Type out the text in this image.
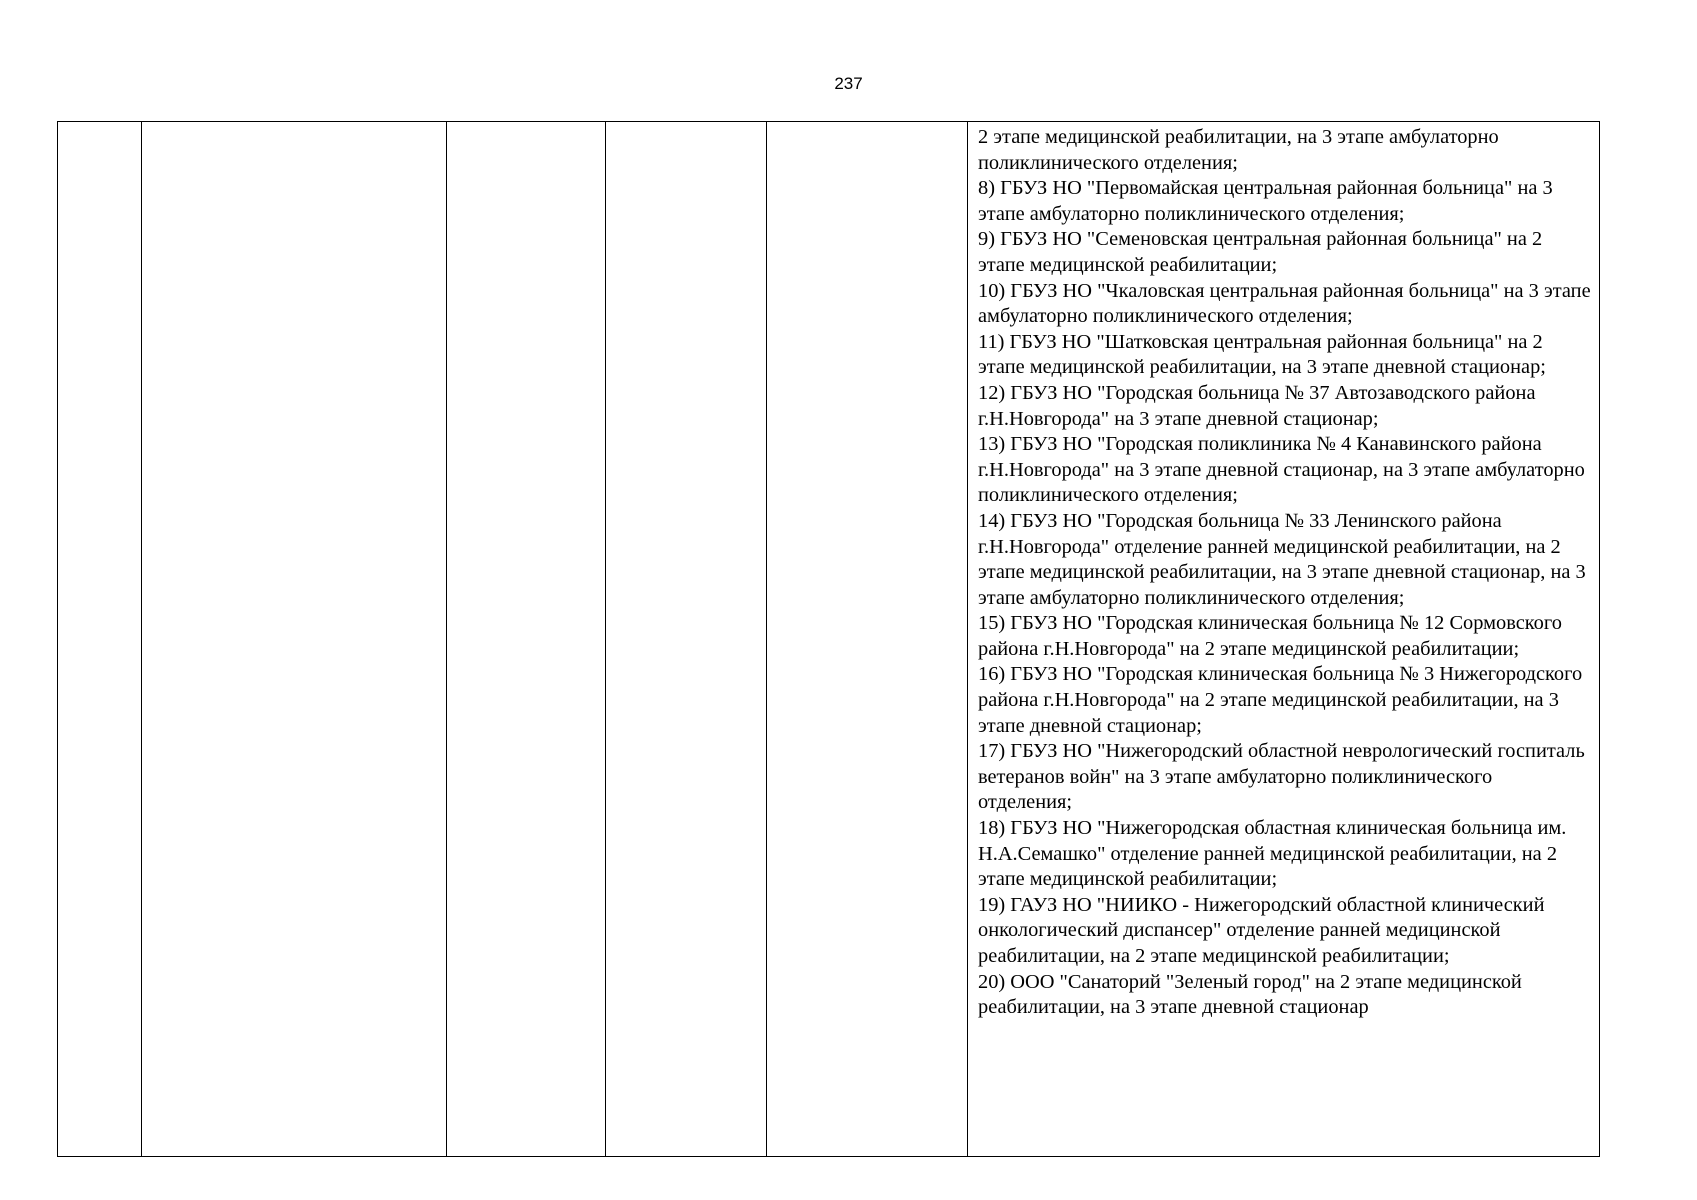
237

2 этапе медицинской реабилитации, на 3 этапе амбулаторно поликлинического отделения;
8) ГБУЗ НО "Первомайская центральная районная больница" на 3 этапе амбулаторно поликлинического отделения;
9) ГБУЗ НО "Семеновская центральная районная больница" на 2 этапе медицинской реабилитации;
10) ГБУЗ НО "Чкаловская центральная районная больница" на 3 этапе амбулаторно поликлинического отделения;
11) ГБУЗ НО "Шатковская центральная районная больница" на 2 этапе медицинской реабилитации, на 3 этапе дневной стационар;
12) ГБУЗ НО "Городская больница № 37 Автозаводского района г.Н.Новгорода" на 3 этапе дневной стационар;
13) ГБУЗ НО "Городская поликлиника № 4 Канавинского района г.Н.Новгорода" на 3 этапе дневной стационар, на 3 этапе амбулаторно поликлинического отделения;
14) ГБУЗ НО "Городская больница № 33 Ленинского района г.Н.Новгорода" отделение ранней медицинской реабилитации, на 2 этапе медицинской реабилитации, на 3 этапе дневной стационар, на 3 этапе амбулаторно поликлинического отделения;
15) ГБУЗ НО "Городская клиническая больница № 12 Сормовского района г.Н.Новгорода" на 2 этапе медицинской реабилитации;
16) ГБУЗ НО "Городская клиническая больница № 3 Нижегородского района г.Н.Новгорода" на 2 этапе медицинской реабилитации, на 3 этапе дневной стационар;
17) ГБУЗ НО "Нижегородский областной неврологический госпиталь ветеранов войн" на 3 этапе амбулаторно поликлинического отделения;
18) ГБУЗ НО "Нижегородская областная клиническая больница им. Н.А.Семашко" отделение ранней медицинской реабилитации, на 2 этапе медицинской реабилитации;
19) ГАУЗ НО "НИИКО - Нижегородский областной клинический онкологический диспансер" отделение ранней медицинской реабилитации, на 2 этапе медицинской реабилитации;
20) ООО "Санаторий "Зеленый город" на 2 этапе медицинской реабилитации, на 3 этапе дневной стационар
